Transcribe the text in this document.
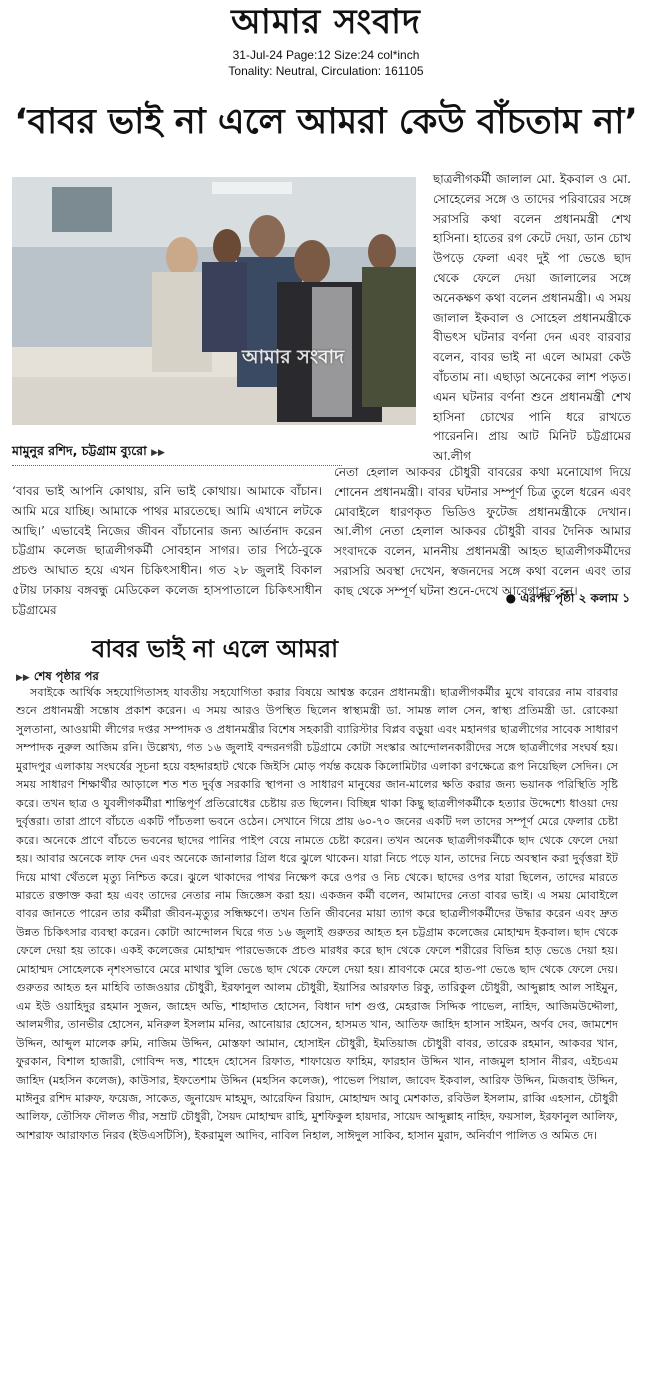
আমার সংবাদ
31-Jul-24 Page:12 Size:24 col*inch
Tonality: Neutral, Circulation: 161105
‘বাবর ভাই না এলে আমরা কেউ বাঁচতাম না’
আমার সংবাদ

ছাত্রলীগকর্মী জালাল মো. ইকবাল ও মো. সোহেলের সঙ্গে ও তাদের পরিবারের সঙ্গে সরাসরি কথা বলেন প্রধানমন্ত্রী শেখ হাসিনা। হাতের রগ কেটে দেয়া, ডান চোখ উপড়ে ফেলা এবং দুই পা ভেঙে ছাদ থেকে ফেলে দেয়া জালালের সঙ্গে অনেকক্ষণ কথা বলেন প্রধানমন্ত্রী। এ সময় জালাল ইকবাল ও সোহেল প্রধানমন্ত্রীকে বীভৎস ঘটনার বর্ণনা দেন এবং বারবার বলেন, বাবর ভাই না এলে আমরা কেউ বাঁচতাম না। এছাড়া অনেকের লাশ পড়ত। এমন ঘটনার বর্ণনা শুনে প্রধানমন্ত্রী শেখ হাসিনা চোখের পানি ধরে রাখতে পারেননি। প্রায় আট মিনিট চট্টগ্রামের আ.লীগ

মামুনুর রশিদ, চট্টগ্রাম ব্যুরো ▶▶

নেতা হেলাল আকবর চৌধুরী বাবরের কথা মনোযোগ দিয়ে শোনেন প্রধানমন্ত্রী। বাবর ঘটনার সম্পূর্ণ চিত্র তুলে ধরেন এবং মোবাইলে ধারণকৃত ভিডিও ফুটেজ প্রধানমন্ত্রীকে দেখান। আ.লীগ নেতা হেলাল আকবর চৌধুরী বাবর দৈনিক আমার সংবাদকে বলেন, মাননীয় প্রধানমন্ত্রী আহত ছাত্রলীগকর্মীদের সরাসরি অবস্থা দেখেন, স্বজনদের সঙ্গে কথা বলেন এবং তার কাছ থেকে সম্পূর্ণ ঘটনা শুনে-দেখে আবেগাপ্লুত হন।

‘বাবর ভাই আপনি কোথায়, রনি ভাই কোথায়। আমাকে বাঁচান। আমি মরে যাচ্ছি। আমাকে পাথর মারতেছে। আমি এখানে লটকে আছি।’ এভাবেই নিজের জীবন বাঁচানোর জন্য আর্তনাদ করেন চট্টগ্রাম কলেজ ছাত্রলীগকর্মী সোবহান সাগর। তার পিঠে-বুকে প্রচণ্ড আঘাত হয়ে এখন চিকিৎসাধীন। গত ২৮ জুলাই বিকাল ৫টায় ঢাকায় বঙ্গবন্ধু মেডিকেল কলেজ হাসপাতালে চিকিৎসাধীন চট্টগ্রামের

● এরপর পৃষ্ঠা ২ কলাম ১
বাবর ভাই না এলে আমরা
▶▶ শেষ পৃষ্ঠার পর

সবাইকে আর্থিক সহযোগিতাসহ যাবতীয় সহযোগিতা করার বিষয়ে আশ্বস্ত করেন প্রধানমন্ত্রী। ছাত্রলীগকর্মীর মুখে বাবরের নাম বারবার শুনে প্রধানমন্ত্রী সন্তোষ প্রকাশ করেন। এ সময় আরও উপস্থিত ছিলেন স্বাস্থ্যমন্ত্রী ডা. সামন্ত লাল সেন, স্বাস্থ্য প্রতিমন্ত্রী ডা. রোকেয়া সুলতানা, আওয়ামী লীগের দপ্তর সম্পাদক ও প্রধানমন্ত্রীর বিশেষ সহকারী ব্যারিস্টার বিপ্লব বড়ুয়া এবং মহানগর ছাত্রলীগের সাবেক সাধারণ সম্পাদক নুরুল আজিম রনি। উল্লেখ্য, গত ১৬ জুলাই বন্দরনগরী চট্টগ্রামে কোটা সংস্কার আন্দোলনকারীদের সঙ্গে ছাত্রলীগের সংঘর্ষ হয়। মুরাদপুর এলাকায় সংঘর্ষের সূচনা হয়ে বহদ্দারহাট থেকে জিইসি মোড় পর্যন্ত কয়েক কিলোমিটার এলাকা রণক্ষেত্রে রূপ নিয়েছিল সেদিন। সে সময় সাধারণ শিক্ষার্থীর আড়ালে শত শত দুর্বৃত্ত সরকারি স্থাপনা ও সাধারণ মানুষের জান-মালের ক্ষতি করার জন্য ভয়ানক পরিস্থিতি সৃষ্টি করে। তখন ছাত্র ও যুবলীগকর্মীরা শান্তিপূর্ণ প্রতিরোধের চেষ্টায় রত ছিলেন। বিচ্ছিন্ন থাকা কিছু ছাত্রলীগকর্মীকে হত্যার উদ্দেশ্যে ধাওয়া দেয় দুর্বৃত্তরা। তারা প্রাণে বাঁচতে একটি পাঁচতলা ভবনে ওঠেন। সেখানে গিয়ে প্রায় ৬০-৭০ জনের একটি দল তাদের সম্পূর্ণ মেরে ফেলার চেষ্টা করে। অনেকে প্রাণে বাঁচতে ভবনের ছাদের পানির পাইপ বেয়ে নামতে চেষ্টা করেন। তখন অনেক ছাত্রলীগকর্মীকে ছাদ থেকে ফেলে দেয়া হয়। আবার অনেকে লাফ দেন এবং অনেকে জানালার গ্রিল ধরে ঝুলে থাকেন। যারা নিচে পড়ে যান, তাদের নিচে অবস্থান করা দুর্বৃত্তরা ইট দিয়ে মাথা থেঁতলে মৃত্যু নিশ্চিত করে। ঝুলে থাকাদের পাথর নিক্ষেপ করে ওপর ও নিচ থেকে। ছাদের ওপর যারা ছিলেন, তাদের মারতে মারতে রক্তাক্ত করা হয় এবং তাদের নেতার নাম জিজ্ঞেস করা হয়। একজন কর্মী বলেন, আমাদের নেতা বাবর ভাই। এ সময় মোবাইলে বাবর জানতে পারেন তার কর্মীরা জীবন-মৃত্যুর সন্ধিক্ষণে। তখন তিনি জীবনের মায়া ত্যাগ করে ছাত্রলীগকর্মীদের উদ্ধার করেন এবং দ্রুত উন্নত চিকিৎসার ব্যবস্থা করেন। কোটা আন্দোলন ঘিরে গত ১৬ জুলাই গুরুতর আহত হন চট্টগ্রাম কলেজের মোহাম্মদ ইকবাল। ছাদ থেকে ফেলে দেয়া হয় তাকে। একই কলেজের মোহাম্মদ পারভেজকে প্রচণ্ড মারধর করে ছাদ থেকে ফেলে শরীরের বিভিন্ন হাড় ভেঙে দেয়া হয়। মোহাম্মদ সোহেলকে নৃশংসভাবে মেরে মাথার খুলি ভেঙে ছাদ থেকে ফেলে দেয়া হয়। শ্রাবণকে মেরে হাত-পা ভেঙে ছাদ থেকে ফেলে দেয়। গুরুতর আহত হন মাহিবি তাজওয়ার চৌধুরী, ইরফানুল আলম চৌধুরী, ইয়াসির আরফাত রিকু, তারিকুল চৌধুরী, আব্দুল্লাহ আল সাইমুন, এম ইউ ওয়াহিদুর রহমান সুজন, জাহেদ অভি, শাহাদাত হোসেন, বিধান দাশ গুপ্ত, মেহরাজ সিদ্দিক পাভেল, নাহিদ, আজিমউদ্দৌলা, আলমগীর, তানভীর হোসেন, মনিরুল ইসলাম মনির, আনোয়ার হোসেন, হাসমত খান, আতিফ জাহিদ হাসান সাইমন, অর্ণব দেব, জামশেদ উদ্দিন, আব্দুল মালেক রুমি, নাজিম উদ্দিন, মোস্তফা আমান, হোসাইন চৌধুরী, ইমতিয়াজ চৌধুরী বাবর, তারেক রহমান, আকবর খান, ফুরকান, বিশাল হাজারী, গোবিন্দ দত্ত, শাহেদ হোসেন রিফাত, শাফায়েত ফাহিম, ফারহান উদ্দিন খান, নাজমুল হাসান নীরব, এইচএম জাহিদ (মহসিন কলেজ), কাউসার, ইফতেশাম উদ্দিন (মহসিন কলেজ), পাভেল পিয়াল, জাবেদ ইকবাল, আরিফ উদ্দিন, মিজবাহ উদ্দিন, মাঈনুর রশিদ মারুফ, ফয়েজ, সাকেত, জুনায়েদ মাহমুদ, আরেফিন রিয়াদ, মোহাম্মদ আবু মেশকাত, রবিউল ইসলাম, রাব্বি এহসান, চৌধুরী আলিফ, তৌসিফ দৌলত গীর, সম্রাট চৌধুরী, সৈয়দ মোহাম্মদ রাহি, মুশফিকুল হায়দার, সায়েদ আব্দুল্লাহ নাহিদ, ফয়সাল, ইরফানুল আলিফ, আশরাফ আরাফাত নিরব (ইউএসটিসি), ইকরামুল আদিব, নাবিল নিহাল, সাঈদুল সাকিব, হাসান মুরাদ, অনির্বাণ পালিত ও অমিত দে।
